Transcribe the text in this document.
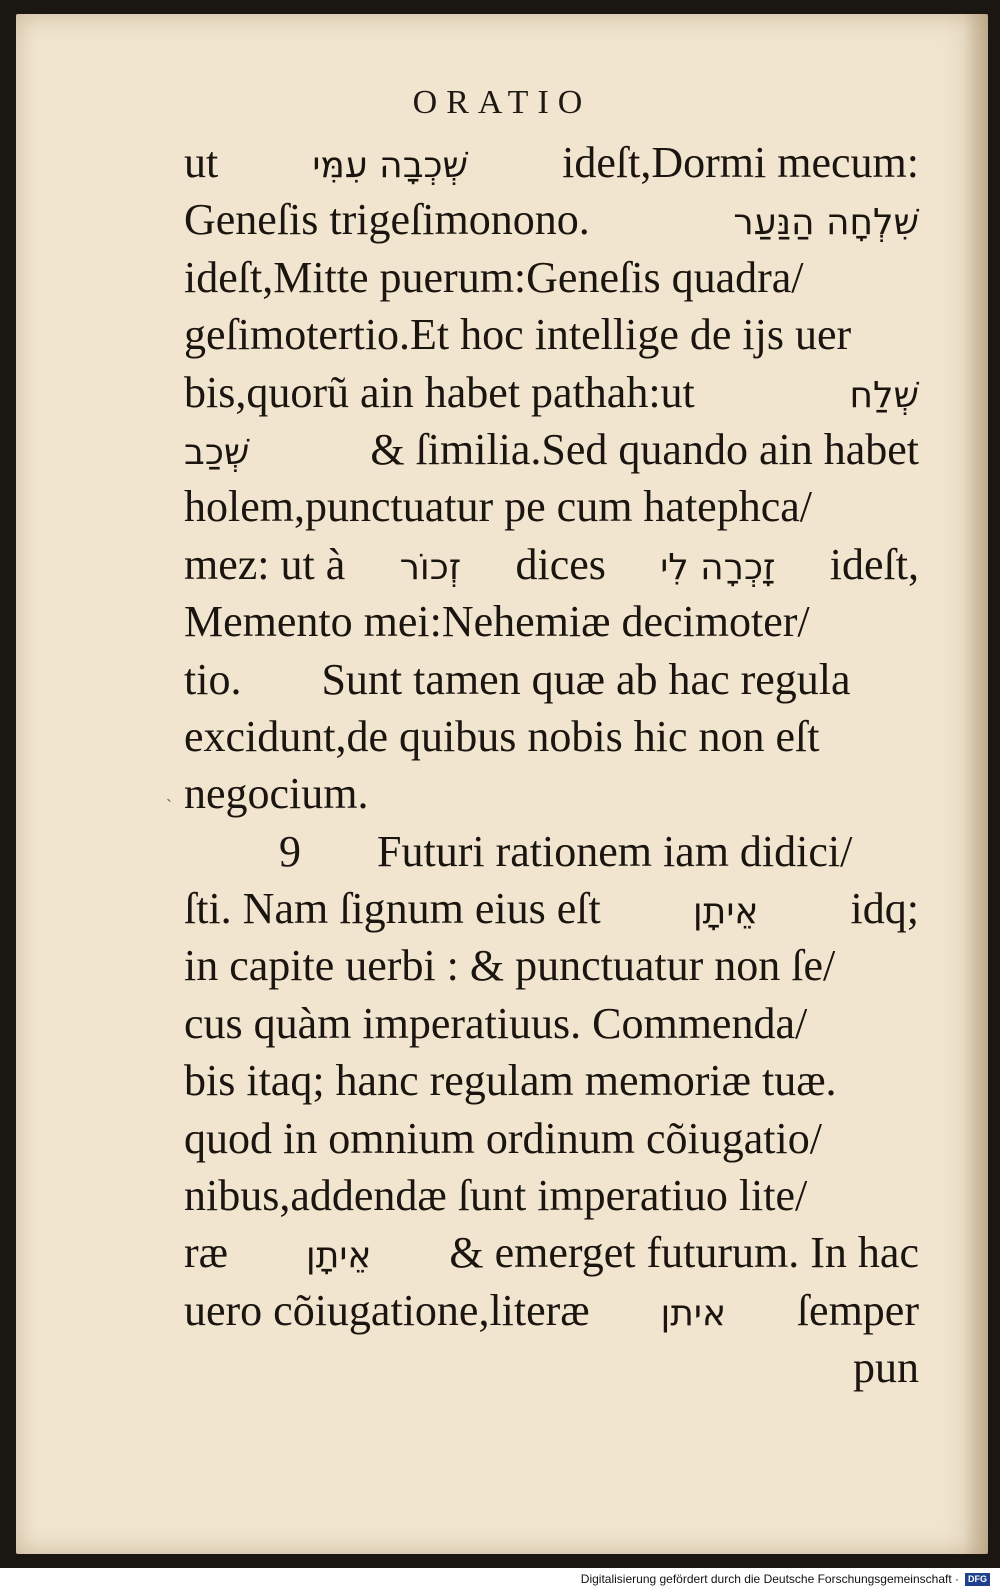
ˏ
ORATIO
ut	שְׁכְבָה עִמִּי ideſt,Dormi mecum:
Geneſis trigeſimonono.	שִׁלְחָה הַנַּעַר
ideſt,Mitte puerum:Geneſis quadra/
geſimotertio.Et hoc intellige de ijs uer
bis,quorũ ain habet pathah:ut	שְׁלַח
שְׁכַב	& ſimilia.Sed quando ain habet
holem,punctuatur pe cum hatephca/
mez: ut à זְכוֹר dices זָכְרָה לִי ideſt,
Memento mei:Nehemiæ decimoter/
tio.	Sunt tamen quæ ab hac regula
excidunt,de quibus nobis hic non eſt
negocium.
9	Futuri rationem iam didici/
ſti. Nam ſignum eius eſt	אֵיתָן idq;
in capite uerbi : & punctuatur non ſe/
cus quàm imperatiuus. Commenda/
bis itaq; hanc regulam memoriæ tuæ.
quod in omnium ordinum cõiugatio/
nibus,addendæ ſunt imperatiuo lite/
ræ אֵיתָן & emerget futurum. In hac
uero cõiugatione,literæ איתן ſemper
pun
Digitalisierung gefördert durch die Deutsche Forschungsgemeinschaft · DFG
